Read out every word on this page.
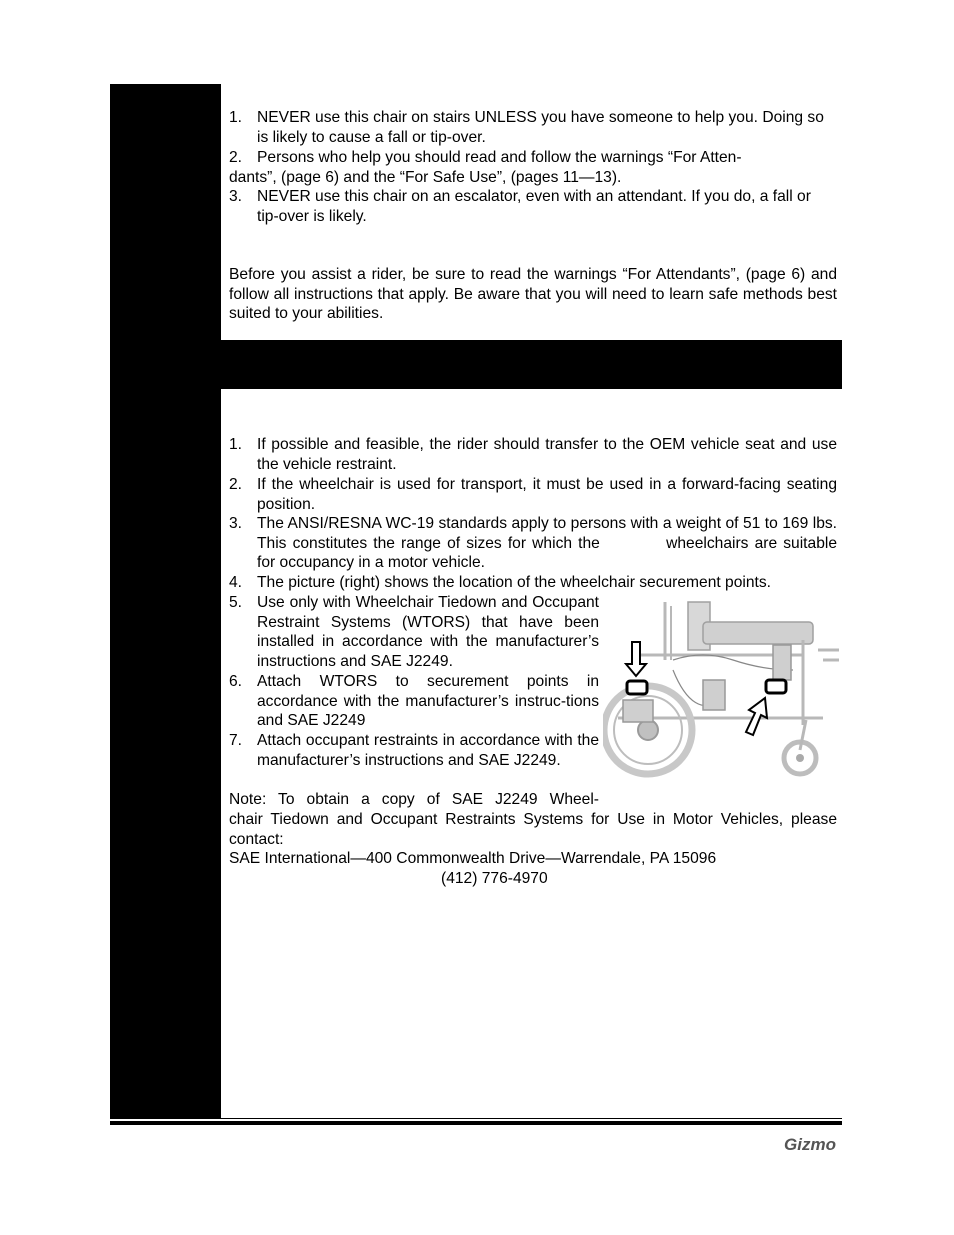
1. NEVER use this chair on stairs UNLESS you have someone to help you. Doing so is likely to cause a fall or tip-over.
2. Persons who help you should read and follow the warnings “For Atten-
dants”, (page 6) and the “For Safe Use”, (pages 11—13).
3. NEVER use this chair on an escalator, even with an attendant. If you do, a fall or tip-over is likely.
Before you assist a rider, be sure to read the warnings “For Attendants”, (page 6) and follow all instructions that apply. Be aware that you will need to learn safe methods best suited to your abilities.
1. If possible and feasible, the rider should transfer to the OEM vehicle seat and use the vehicle restraint.
2. If the wheelchair is used for transport, it must be used in a forward-facing seating position.
3. The ANSI/RESNA WC-19 standards apply to persons with a weight of 51 to 169 lbs. This constitutes the range of sizes for which the	wheelchairs are suitable for occupancy in a motor vehicle.
4. The picture (right) shows the location of the wheelchair securement points.
5. Use only with Wheelchair Tiedown and Occupant Restraint Systems (WTORS) that have been installed in accordance with the manufacturer’s instructions and SAE J2249.
6. Attach WTORS to securement points in accordance with the manufacturer’s instruc-tions and SAE J2249
7. Attach occupant restraints in accordance with the manufacturer’s instructions and SAE J2249.
Note: To obtain a copy of SAE J2249 Wheel-
chair Tiedown and Occupant Restraints Systems for Use in Motor Vehicles, please contact:
SAE International—400 Commonwealth Drive—Warrendale, PA 15096
(412) 776-4970
Gizmo
